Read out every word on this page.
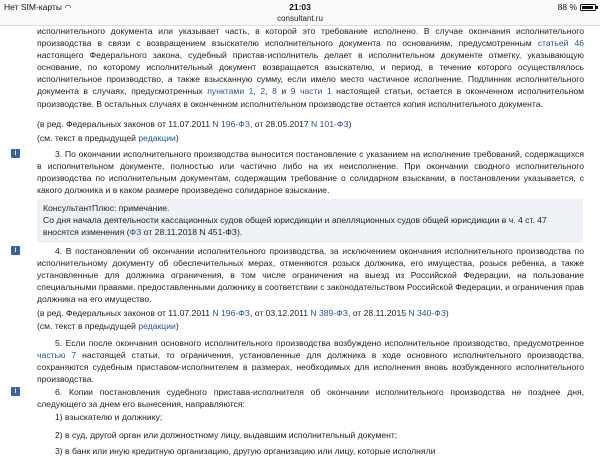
Нет SIM-карты ◠	21:03	88 %
consultant.ru
исполнительного документа или указывает часть, в которой это требование исполнено. В случае окончания исполнительного производства в связи с возвращением взыскателю исполнительного документа по основаниям, предусмотренным статьей 46 настоящего Федерального закона, судебный пристав-исполнитель делает в исполнительном документе отметку, указывающую основание, по которому исполнительный документ возвращается взыскателю, и период, в течение которого осуществлялось исполнительное производство, а также взысканную сумму, если имело место частичное исполнение. Подлинник исполнительного документа в случаях, предусмотренных пунктами 1, 2, 8 и 9 части 1 настоящей статьи, остается в оконченном исполнительном производстве. В остальных случаях в оконченном исполнительном производстве остается копия исполнительного документа.
(в ред. Федеральных законов от 11.07.2011 N 196-ФЗ, от 28.05.2017 N 101-ФЗ)
(см. текст в предыдущей редакции)
i	3. По окончании исполнительного производства выносится постановление с указанием на исполнение требований, содержащихся в исполнительном документе, полностью или частично либо на их неисполнение. При окончании сводного исполнительного производства по исполнительным документам, содержащим требование о солидарном взыскании, в постановлении указывается, с какого должника и в каком размере произведено солидарное взыскание.
КонсультантПлюс: примечание.
Со дня начала деятельности кассационных судов общей юрисдикции и апелляционных судов общей юрисдикции в ч. 4 ст. 47 вносятся изменения (ФЗ от 28.11.2018 N 451-ФЗ).
i	4. В постановлении об окончании исполнительного производства, за исключением окончания исполнительного производства по исполнительному документу об обеспечительных мерах, отменяются розыск должника, его имущества, розыск ребенка, а также установленные для должника ограничения, в том числе ограничения на выезд из Российской Федерации, на пользование специальными правами, предоставленными должнику в соответствии с законодательством Российской Федерации, и ограничения прав должника на его имущество.
(в ред. Федеральных законов от 11.07.2011 N 196-ФЗ, от 03.12.2011 N 389-ФЗ, от 28.11.2015 N 340-ФЗ)
(см. текст в предыдущей редакции)
5. Если после окончания основного исполнительного производства возбуждено исполнительное производство, предусмотренное частью 7 настоящей статьи, то ограничения, установленные для должника в ходе основного исполнительного производства, сохраняются судебным приставом-исполнителем в размерах, необходимых для исполнения вновь возбужденного исполнительного производства.
i	6. Копии постановления судебного пристава-исполнителя об окончании исполнительного производства не позднее дня, следующего за днем его вынесения, направляются:
1) взыскателю и должнику;
2) в суд, другой орган или должностному лицу, выдавшим исполнительный документ;
3) в банк или иную кредитную организацию, другую организацию или лицу, которые исполняли
